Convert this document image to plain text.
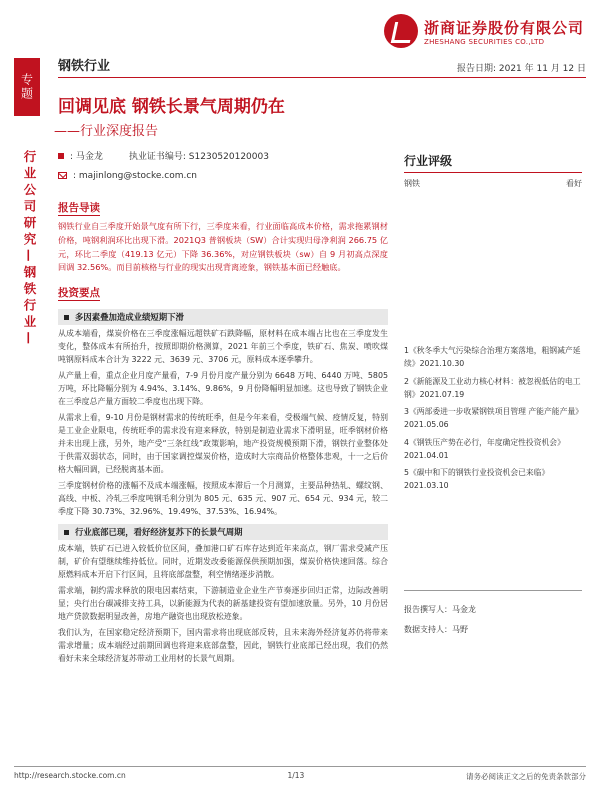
浙商证券股份有限公司
ZHESHANG SECURITIES CO.,LTD
专题
行业公司研究—钢铁行业—
钢铁行业	报告日期: 2021 年 11 月 12 日
回调见底 钢铁长景气周期仍在
——行业深度报告
: 马金龙	执业证书编号: S1230520120003
: majinlong@stocke.com.cn
行业评级
钢铁	看好
报告导读

钢铁行业自三季度开始景气度有所下行，三季度来看，行业面临高成本价格，需求拖累钢材价格，吨钢利润环比出现下滑。2021Q3 普钢板块（SW）合计实现归母净利润 266.75 亿元，环比二季度（419.13 亿元）下降 36.36%，对应钢铁板块（sw）自 9 月初高点深度回调 32.56%。而目前核格与行业的现实出现背离迹象，钢铁基本面已经触底。

投资要点
多因素叠加造成业绩短期下滑

从成本端看，煤炭价格在三季度涨幅远超铁矿石跌降幅，原材料在成本端占比也在三季度发生变化，整体成本有所抬升，按照即期价格测算，2021 年前三个季度，铁矿石、焦炭、喷吹煤吨钢原料成本合计为 3222 元、3639 元、3706 元，原料成本逐季攀升。

从产量上看，重点企业月度产量看，7-9 月份月度产量分别为 6648 万吨、6440 万吨、5805 万吨，环比降幅分别为 4.94%、3.14%、9.86%，9 月份降幅明显加速。这也导致了钢铁企业在三季度总产量方面较二季度也出现下降。

从需求上看，9-10 月份是钢材需求的传统旺季，但是今年来看，受极端气候、疫情反复，特别是工业企业限电，传统旺季的需求没有迎来释放，特别是制造业需求下滑明显，旺季钢材价格并未出现上涨，另外，地产受“三条红线”政策影响，地产投资规模预期下滑，钢铁行业整体处于供需双弱状态，同时，由于国家调控煤炭价格，造成时大宗商品价格整体悲观，十一之后价格大幅回调，已经脱离基本面。

三季度钢材价格的涨幅不及成本端涨幅，按照成本滞后一个月测算，主要品种热轧、螺纹钢、高线、中板、冷轧三季度吨钢毛利分别为 805 元、635 元、907 元、654 元、934 元，较二季度下降 30.73%、32.96%、19.49%、37.53%、16.94%。

行业底部已现，看好经济复苏下的长景气周期

成本端，铁矿石已进入较低价位区间，叠加港口矿石库存达到近年来高点，钢厂需求受减产压制，矿价有望继续维持低位。同时，近期发改委能源保供预期加强，煤炭价格快速回落。综合原燃料成本开启下行区间，且将底部盘整，利空情绪逐步消散。

需求端，制约需求释放的限电因素结束，下游制造业企业生产节奏逐步回归正常，边际改善明显；央行出台碳减排支持工具，以新能源为代表的新基建投资有望加速放量。另外，10 月份居地产贷款数据明显改善，房地产融资也出现放松迹象。

我们认为，在国家稳定经济预期下，国内需求将出现底部反转，且未来海外经济复苏仍将带来需求增量；成本端经过前期回调也将迎来底部盘整，因此，钢铁行业底部已经出现，我们仍然看好未来全球经济复苏带动工业用材的长景气周期。

1《秋冬季大气污染综合治理方案落地，粗钢减产延续》2021.10.30
2《新能源及工业动力核心材料：被忽视低估的电工钢》2021.07.19
3《两部委进一步收紧钢铁项目管理 产能产能产量》2021.05.06
4《钢铁压产势在必行，年度确定性投资机会》2021.04.01
5《碳中和下的钢铁行业投资机会已来临》2021.03.10
报告撰写人：马金龙
数据支持人：马野
http://research.stocke.com.cn	1/13	请务必阅读正文之后的免责条款部分
